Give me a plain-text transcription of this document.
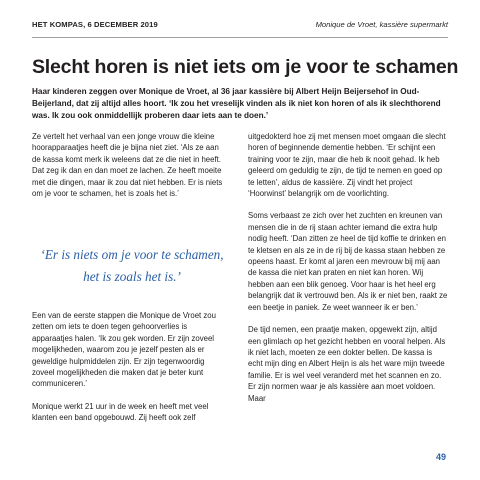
HET KOMPAS, 6 DECEMBER 2019	Monique de Vroet, kassière supermarkt
Slecht horen is niet iets om je voor te schamen
Haar kinderen zeggen over Monique de Vroet, al 36 jaar kassière bij Albert Heijn Beijersehof in Oud-Beijerland, dat zij altijd alles hoort. ‘Ik zou het vreselijk vinden als ik niet kon horen of als ik slechthorend was. Ik zou ook onmiddellijk proberen daar iets aan te doen.’

Ze vertelt het verhaal van een jonge vrouw die kleine hoorapparaatjes heeft die je bijna niet ziet. ‘Als ze aan de kassa komt merk ik weleens dat ze die niet in heeft. Dat zeg ik dan en dan moet ze lachen. Ze heeft moeite met die dingen, maar ik zou dat niet hebben. Er is niets om je voor te schamen, het is zoals het is.’

‘Er is niets om je voor te schamen,
het is zoals het is.’

Een van de eerste stappen die Monique de Vroet zou zetten om iets te doen tegen gehoorverlies is apparaatjes halen. ‘Ik zou gek worden. Er zijn zoveel mogelijkheden, waarom zou je jezelf pesten als er geweldige hulpmiddelen zijn. Er zijn tegenwoordig zoveel mogelijkheden die maken dat je beter kunt communiceren.’

Monique werkt 21 uur in de week en heeft met veel klanten een band opgebouwd. Zij heeft ook zelf

uitgedokterd hoe zij met mensen moet omgaan die slecht horen of beginnende dementie hebben. ‘Er schijnt een training voor te zijn, maar die heb ik nooit gehad. Ik heb geleerd om geduldig te zijn, de tijd te nemen en goed op te letten’, aldus de kassière. Zij vindt het project ‘Hoorwinst’ belangrijk om de voorlichting.

Soms verbaast ze zich over het zuchten en kreunen van mensen die in de rij staan achter iemand die extra hulp nodig heeft. ‘Dan zitten ze heel de tijd koffie te drinken en te kletsen en als ze in de rij bij de kassa staan hebben ze opeens haast. Er komt al jaren een mevrouw bij mij aan de kassa die niet kan praten en niet kan horen. Wij hebben aan een blik genoeg. Voor haar is het heel erg belangrijk dat ik vertrouwd ben. Als ik er niet ben, raakt ze een beetje in paniek. Ze weet wanneer ik er ben.’

De tijd nemen, een praatje maken, opgewekt zijn, altijd een glimlach op het gezicht hebben en vooral helpen. Als ik niet lach, moeten ze een dokter bellen. De kassa is echt mijn ding en Albert Heijn is als het ware mijn tweede familie. Er is wel veel veranderd met het scannen en zo. Er zijn normen waar je als kassière aan moet voldoen. Maar

49
